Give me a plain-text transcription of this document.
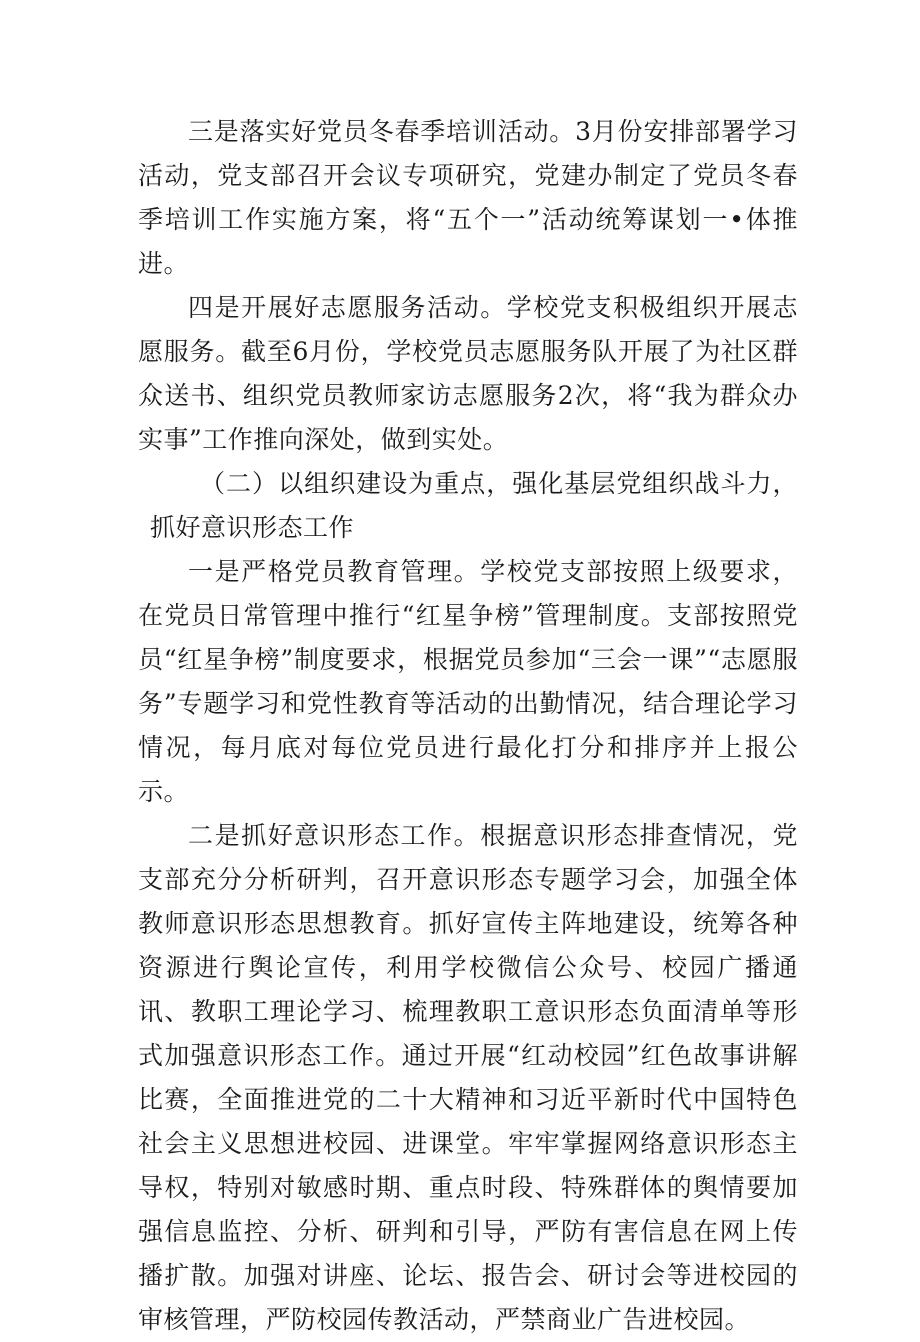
三是落实好党员冬春季培训活动。3月份安排部署学习活动，党支部召开会议专项研究，党建办制定了党员冬春季培训工作实施方案，将“五个一”活动统筹谋划一•体推进。

四是开展好志愿服务活动。学校党支积极组织开展志愿服务。截至6月份，学校党员志愿服务队开展了为社区群众送书、组织党员教师家访志愿服务2次，将“我为群众办实事”工作推向深处，做到实处。

（二）以组织建设为重点，强化基层党组织战斗力，抓好意识形态工作

一是严格党员教育管理。学校党支部按照上级要求，在党员日常管理中推行“红星争榜”管理制度。支部按照党员“红星争榜”制度要求，根据党员参加“三会一课”“志愿服务”专题学习和党性教育等活动的出勤情况，结合理论学习情况，每月底对每位党员进行最化打分和排序并上报公示。

二是抓好意识形态工作。根据意识形态排查情况，党支部充分分析研判，召开意识形态专题学习会，加强全体教师意识形态思想教育。抓好宣传主阵地建设，统筹各种资源进行舆论宣传，利用学校微信公众号、校园广播通讯、教职工理论学习、梳理教职工意识形态负面清单等形式加强意识形态工作。通过开展“红动校园”红色故事讲解比赛，全面推进党的二十大精神和习近平新时代中国特色社会主义思想进校园、进课堂。牢牢掌握网络意识形态主导权，特别对敏感时期、重点时段、特殊群体的舆情要加强信息监控、分析、研判和引导，严防有害信息在网上传播扩散。加强对讲座、论坛、报告会、研讨会等进校园的审核管理，严防校园传教活动，严禁商业广告进校园。
